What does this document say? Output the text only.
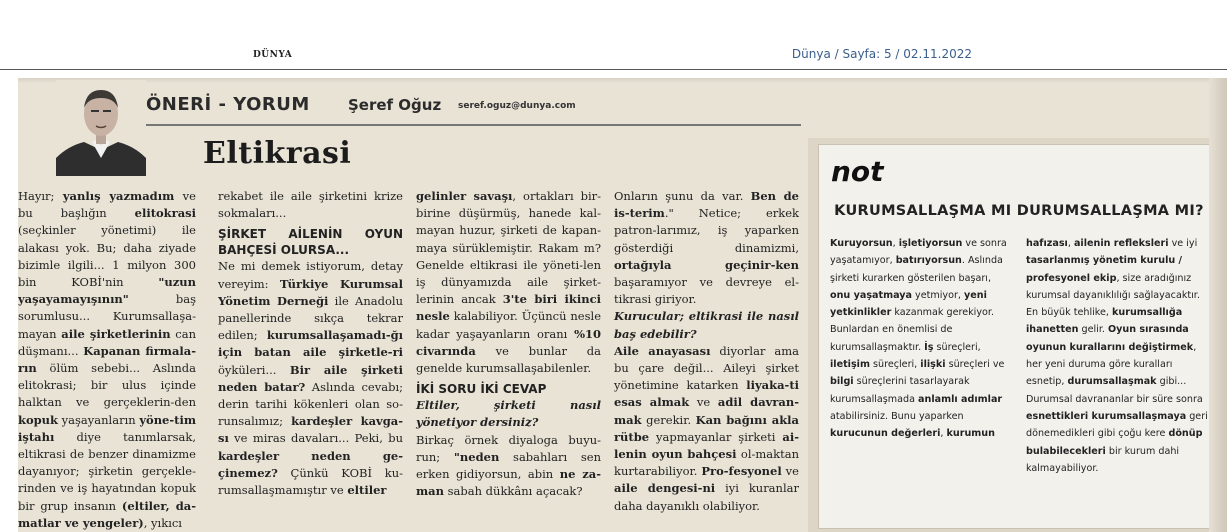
DÜNYA	Dünya / Sayfa: 5 / 02.11.2022
ÖNERİ - YORUM	Şeref Oğuz seref.oguz@dunya.com
Eltikrasi
Hayır; yanlış yazmadım ve bu başlığın elitokrasi (seçkinler yönetimi) ile alakası yok. Bu; daha ziyade bizimle ilgili... 1 milyon 300 bin KOBİ'nin "uzun yaşayamayışının" baş sorumlusu... Kurumsallaşa-mayan aile şirketlerinin can düşmanı... Kapanan firmala-rın ölüm sebebi... Aslında elitokrasi; bir ulus içinde halktan ve gerçeklerin-den kopuk yaşayanların yöne-tim iştahı diye tanımlarsak, eltikrasi de benzer dinamizme dayanıyor; şirketin gerçekle-rinden ve iş hayatından kopuk bir grup insanın (eltiler, da-matlar ve yengeler), yıkıcı
rekabet ile aile şirketini krize sokmaları...
ŞİRKET AİLENİN OYUN BAHÇESİ OLURSA...
Ne mi demek istiyorum, detay vereyim: Türkiye Kurumsal Yönetim Derneği ile Anadolu panellerinde sıkça tekrar edilen; kurumsallaşamadı-ğı için batan aile şirketle-ri öyküleri... Bir aile şirketi neden batar? Aslında cevabı; derin tarihi kökenleri olan so-runsalımız; kardeşler kavga-sı ve miras davaları... Peki, bu kardeşler neden ge-çinemez? Çünkü KOBİ ku-rumsallaşmamıştır ve eltiler
gelinler savaşı, ortakları bir-birine düşürmüş, hanede kal-mayan huzur, şirketi de kapan-maya sürüklemiştir. Rakam m? Genelde eltikrasi ile yöneti-len iş dünyamızda aile şirket-lerinin ancak 3'te biri ikinci nesle kalabiliyor. Üçüncü nesle kadar yaşayanların oranı %10 civarında ve bunlar da genelde kurumsallaşabilenler.
İKİ SORU İKİ CEVAP
Eltiler, şirketi nasıl yönetiyor dersiniz?
Birkaç örnek diyaloga buyu-run; "neden sabahları sen erken gidiyorsun, abin ne za-man sabah dükkânı açacak?
Onların şunu da var. Ben de is-terim." Netice; erkek patron-larımız, iş yaparken gösterdiği dinamizmi, ortağıyla geçinir-ken başaramıyor ve devreye el-tikrasi giriyor.
Kurucular; eltikrasi ile nasıl baş edebilir?
Aile anayasası diyorlar ama bu çare değil... Aileyi şirket yönetimine katarken liyaka-ti esas almak ve adil davran-mak gerekir. Kan bağını akla rütbe yapmayanlar şirketi ai-lenin oyun bahçesi ol-maktan kurtarabiliyor. Pro-fesyonel ve aile dengesi-ni iyi kuranlar daha dayanıklı olabiliyor.
not
KURUMSALLAŞMA MI DURUMSALLAŞMA MI?
Kuruyorsun, işletiyorsun ve sonra yaşatamıyor, batırıyorsun. Aslında şirketi kurarken gösterilen başarı, onu yaşatmaya yetmiyor, yeni yetkinlikler kazanmak gerekiyor. Bunlardan en önemlisi de kurumsallaşmaktır. İş süreçleri, iletişim süreçleri, ilişki süreçleri ve bilgi süreçlerini tasarlayarak kurumsallaşmada anlamlı adımlar atabilirsiniz. Bunu yaparken kurucunun değerleri, kurumun
hafızası, ailenin refleksleri ve iyi tasarlanmış yönetim kurulu / profesyonel ekip, size aradığınız kurumsal dayanıklılığı sağlayacaktır. En büyük tehlike, kurumsallığa ihanetten gelir. Oyun sırasında oyunun kurallarını değiştirmek, her yeni duruma göre kuralları esnetip, durumsallaşmak gibi... Durumsal davrananlar bir süre sonra esnettikleri kurumsallaşmaya geri dönemedikleri gibi çoğu kere dönüp bulabilecekleri bir kurum dahi kalmayabiliyor.
